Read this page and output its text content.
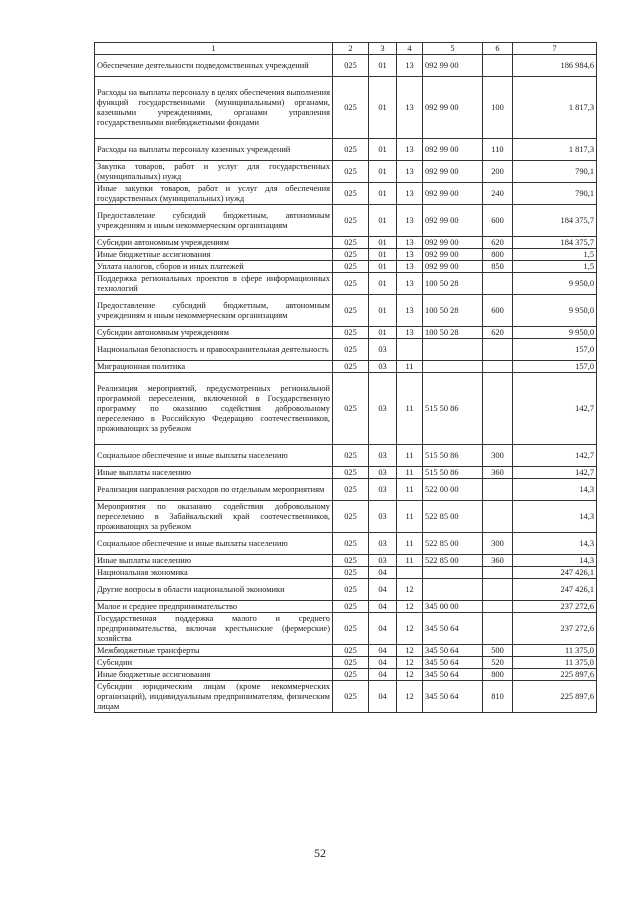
1	2	3	4	5	6	7
Обеспечение деятельности подведомственных учреждений	025	01	13	092 99 00		186 984,6
Расходы на выплаты персоналу в целях обеспечения выполнения функций государственными (муниципальными) органами, казенными учреждениями, органами управления государственными внебюджетными фондами	025	01	13	092 99 00	100	1 817,3
Расходы на выплаты персоналу казенных учреждений	025	01	13	092 99 00	110	1 817,3
Закупка товаров, работ и услуг для государственных (муниципальных) нужд	025	01	13	092 99 00	200	790,1
Иные закупки товаров, работ и услуг для обеспечения государственных (муниципальных) нужд	025	01	13	092 99 00	240	790,1
Предоставление субсидий бюджетным, автономным учреждениям и иным некоммерческим организациям	025	01	13	092 99 00	600	184 375,7
Субсидии автономным учреждениям	025	01	13	092 99 00	620	184 375,7
Иные бюджетные ассигнования	025	01	13	092 99 00	800	1,5
Уплата налогов, сборов и иных платежей	025	01	13	092 99 00	850	1,5
Поддержка региональных проектов в сфере информационных технологий	025	01	13	100 50 28		9 950,0
Предоставление субсидий бюджетным, автономным учреждениям и иным некоммерческим организациям	025	01	13	100 50 28	600	9 950,0
Субсидии автономным учреждениям	025	01	13	100 50 28	620	9 950,0
Национальная безопасность и правоохранительная деятельность	025	03				157,0
Миграционная политика	025	03	11			157,0
Реализация мероприятий, предусмотренных региональной программой переселения, включенной в Государственную программу по оказанию содействия добровольному переселению в Российскую Федерацию соотечественников, проживающих за рубежом	025	03	11	515 50 86		142,7
Социальное обеспечение и иные выплаты населению	025	03	11	515 50 86	300	142,7
Иные выплаты населению	025	03	11	515 50 86	360	142,7
Реализация направления расходов по отдельным мероприятиям	025	03	11	522 00 00		14,3
Мероприятия по оказанию содействия добровольному переселению в Забайкальский край соотечественников, проживающих за рубежом	025	03	11	522 85 00		14,3
Социальное обеспечение и иные выплаты населению	025	03	11	522 85 00	300	14,3
Иные выплаты населению	025	03	11	522 85 00	360	14,3
Национальная экономика	025	04				247 426,1
Другие вопросы в области национальной экономики	025	04	12			247 426,1
Малое и среднее предпринимательство	025	04	12	345 00 00		237 272,6
Государственная поддержка малого и среднего предпринимательства, включая крестьянские (фермерские) хозяйства	025	04	12	345 50 64		237 272,6
Межбюджетные трансферты	025	04	12	345 50 64	500	11 375,0
Субсидии	025	04	12	345 50 64	520	11 375,0
Иные бюджетные ассигнования	025	04	12	345 50 64	800	225 897,6
Субсидии юридическим лицам (кроме некоммерческих организаций), индивидуальным предпринимателям, физическим лицам	025	04	12	345 50 64	810	225 897,6
52
